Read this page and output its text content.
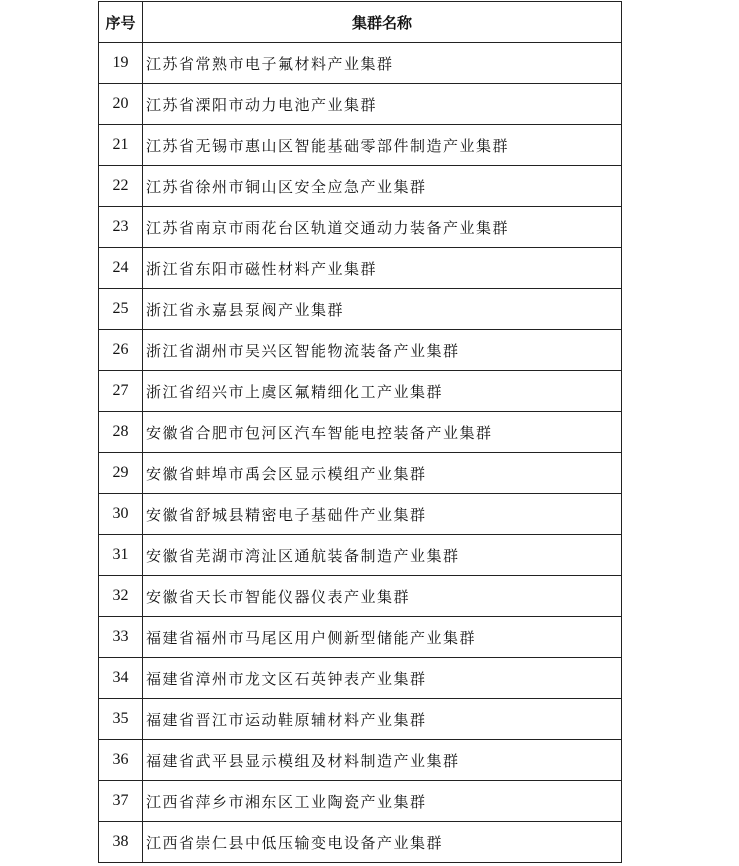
序号	集群名称
19	江苏省常熟市电子氟材料产业集群
20	江苏省溧阳市动力电池产业集群
21	江苏省无锡市惠山区智能基础零部件制造产业集群
22	江苏省徐州市铜山区安全应急产业集群
23	江苏省南京市雨花台区轨道交通动力装备产业集群
24	浙江省东阳市磁性材料产业集群
25	浙江省永嘉县泵阀产业集群
26	浙江省湖州市吴兴区智能物流装备产业集群
27	浙江省绍兴市上虞区氟精细化工产业集群
28	安徽省合肥市包河区汽车智能电控装备产业集群
29	安徽省蚌埠市禹会区显示模组产业集群
30	安徽省舒城县精密电子基础件产业集群
31	安徽省芜湖市湾沚区通航装备制造产业集群
32	安徽省天长市智能仪器仪表产业集群
33	福建省福州市马尾区用户侧新型储能产业集群
34	福建省漳州市龙文区石英钟表产业集群
35	福建省晋江市运动鞋原辅材料产业集群
36	福建省武平县显示模组及材料制造产业集群
37	江西省萍乡市湘东区工业陶瓷产业集群
38	江西省崇仁县中低压输变电设备产业集群
